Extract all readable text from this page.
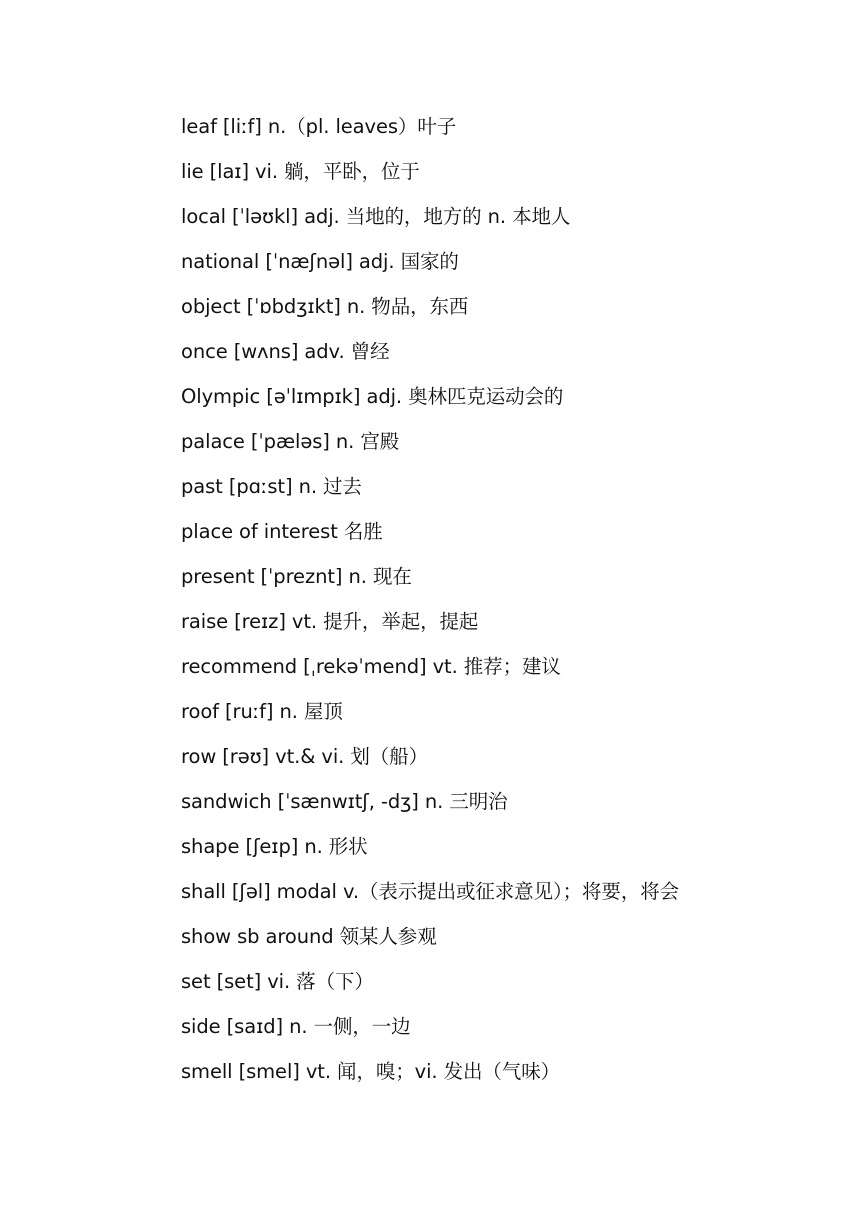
leaf [liːf] n.（pl. leaves）叶子
lie [laɪ] vi. 躺，平卧，位于
local [ˈləʊkl] adj. 当地的，地方的 n. 本地人
national [ˈnæʃnəl] adj. 国家的
object [ˈɒbdʒɪkt] n. 物品，东西
once [wʌns] adv. 曾经
Olympic [əˈlɪmpɪk] adj. 奥林匹克运动会的
palace [ˈpæləs] n. 宫殿
past [pɑːst] n. 过去
place of interest 名胜
present [ˈpreznt] n. 现在
raise [reɪz] vt. 提升，举起，提起
recommend [ˌrekəˈmend] vt. 推荐；建议
roof [ruːf] n. 屋顶
row [rəʊ] vt.& vi. 划（船）
sandwich [ˈsænwɪtʃ, -dʒ] n. 三明治
shape [ʃeɪp] n. 形状
shall [ʃəl] modal v.（表示提出或征求意见）；将要，将会
show sb around 领某人参观
set [set] vi. 落（下）
side [saɪd] n. 一侧，一边
smell [smel] vt. 闻，嗅；vi. 发出（气味）
